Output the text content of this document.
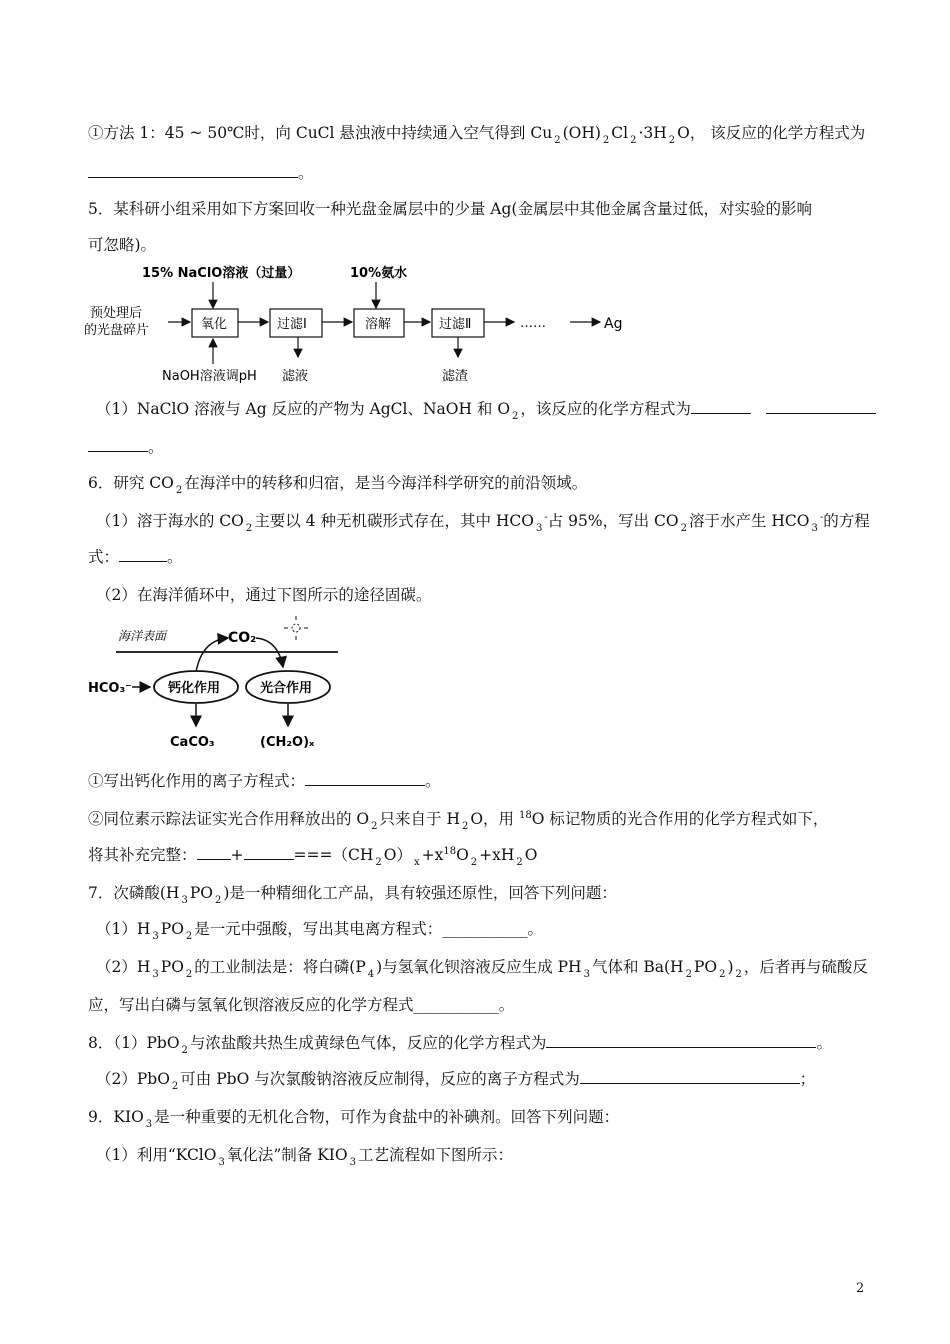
①方法 1：45 ~ 50℃时，向 CuCl 悬浊液中持续通入空气得到 Cu $_2$ (OH) $_2$ Cl $_2$ ·3H $_2$ O， 该反应的化学方程式为
。
5．某科研小组采用如下方案回收一种光盘金属层中的少量 Ag(金属层中其他金属含量过低，对实验的影响
可忽略)。
15% NaClO溶液（过量）	10%氨水
预处理后
的光盘碎片	氧化	过滤Ⅰ	溶解	过滤Ⅱ	……	Ag
NaOH溶液调pH 滤液	滤渣
（1）NaClO 溶液与 Ag 反应的产物为 AgCl、NaOH 和 O $_2$ ，该反应的化学方程式为
。
6．研究 CO $_2$ 在海洋中的转移和归宿，是当今海洋科学研究的前沿领域。
（1）溶于海水的 CO $_2$ 主要以 4 种无机碳形式存在，其中 HCO $_3$-占 95%，写出 CO $_2$ 溶于水产生 HCO $_3$-的方程
式：	。
（2）在海洋循环中，通过下图所示的途径固碳。
海洋表面	CO₂
HCO₃⁻	钙化作用	光合作用
CaCO₃	(CH₂O)ₓ
①写出钙化作用的离子方程式：	。
②同位素示踪法证实光合作用释放出的 O $_2$ 只来自于 H $_2$ O，用 $^{18}$O 标记物质的光合作用的化学方程式如下，
将其补充完整： +	===（CH $_2$ O） $_x +x^{18}O$ $_2$ +xH $_2$ O
7．次磷酸(H $_3$ PO $_2$ )是一种精细化工产品，具有较强还原性，回答下列问题：
（1）H $_3$ PO $_2$ 是一元中强酸，写出其电离方程式：___________。
（2）H $_3$ PO $_2$ 的工业制法是：将白磷(P $_4$ )与氢氧化钡溶液反应生成 PH $_3$ 气体和 Ba(H $_2$ PO $_2$ ) $_2$ ，后者再与硫酸反
应，写出白磷与氢氧化钡溶液反应的化学方程式___________。
8．（1）PbO $_2$ 与浓盐酸共热生成黄绿色气体，反应的化学方程式为	。
（2）PbO $_2$ 可由 PbO 与次氯酸钠溶液反应制得，反应的离子方程式为	；
9．KIO $_3$ 是一种重要的无机化合物，可作为食盐中的补碘剂。回答下列问题：
（1）利用“KClO $_3$ 氧化法”制备 KIO $_3$ 工艺流程如下图所示：
2
